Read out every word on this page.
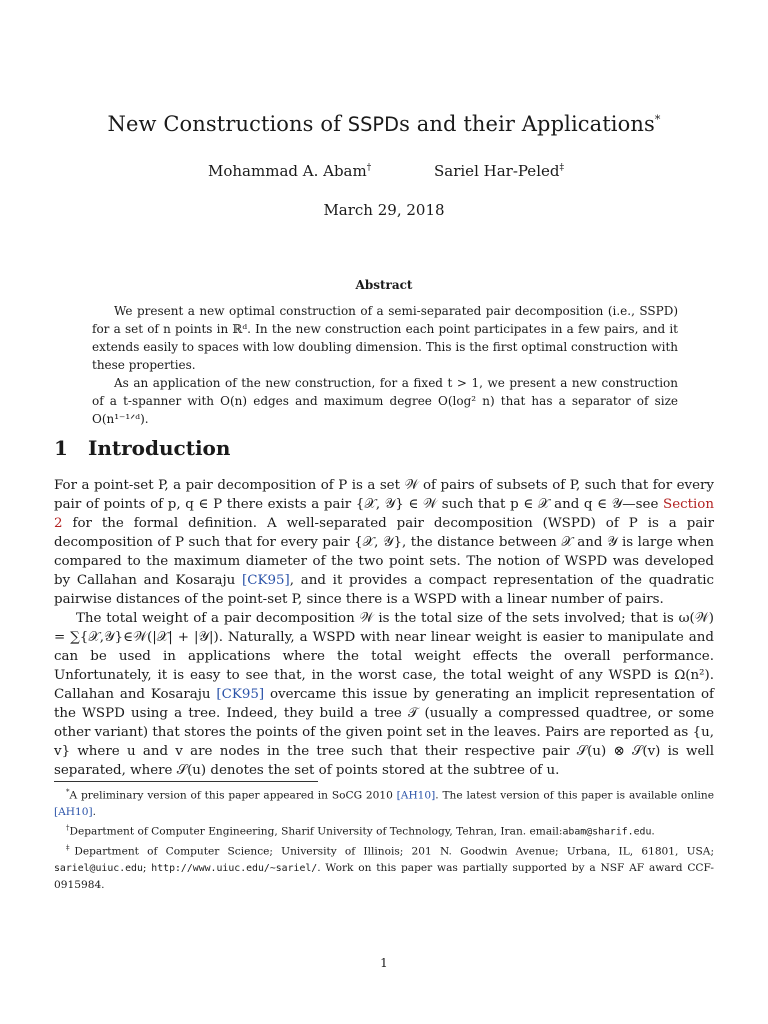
New Constructions of SSPDs and their Applications*
Mohammad A. Abam†	Sariel Har-Peled‡
March 29, 2018
Abstract

We present a new optimal construction of a semi-separated pair decomposition (i.e., SSPD) for a set of n points in ℝᵈ. In the new construction each point participates in a few pairs, and it extends easily to spaces with low doubling dimension. This is the first optimal construction with these properties.

As an application of the new construction, for a fixed t > 1, we present a new construction of a t-spanner with O(n) edges and maximum degree O(log² n) that has a separator of size O(n¹⁻¹ᐟᵈ).

1 Introduction

For a point-set P, a pair decomposition of P is a set 𝒲 of pairs of subsets of P, such that for every pair of points of p, q ∈ P there exists a pair {𝒳, 𝒴} ∈ 𝒲 such that p ∈ 𝒳 and q ∈ 𝒴—see Section 2 for the formal definition. A well-separated pair decomposition (WSPD) of P is a pair decomposition of P such that for every pair {𝒳, 𝒴}, the distance between 𝒳 and 𝒴 is large when compared to the maximum diameter of the two point sets. The notion of WSPD was developed by Callahan and Kosaraju [CK95], and it provides a compact representation of the quadratic pairwise distances of the point-set P, since there is a WSPD with a linear number of pairs.

The total weight of a pair decomposition 𝒲 is the total size of the sets involved; that is ω(𝒲) = ∑{𝒳,𝒴}∈𝒲(|𝒳| + |𝒴|). Naturally, a WSPD with near linear weight is easier to manipulate and can be used in applications where the total weight effects the overall performance. Unfortunately, it is easy to see that, in the worst case, the total weight of any WSPD is Ω(n²). Callahan and Kosaraju [CK95] overcame this issue by generating an implicit representation of the WSPD using a tree. Indeed, they build a tree 𝒯 (usually a compressed quadtree, or some other variant) that stores the points of the given point set in the leaves. Pairs are reported as {u, v} where u and v are nodes in the tree such that their respective pair 𝒮(u) ⊗ 𝒮(v) is well separated, where 𝒮(u) denotes the set of points stored at the subtree of u.

*A preliminary version of this paper appeared in SoCG 2010 [AH10]. The latest version of this paper is available online [AH10].

†Department of Computer Engineering, Sharif University of Technology, Tehran, Iran. email:abam@sharif.edu.

‡Department of Computer Science; University of Illinois; 201 N. Goodwin Avenue; Urbana, IL, 61801, USA; sariel@uiuc.edu; http://www.uiuc.edu/~sariel/. Work on this paper was partially supported by a NSF AF award CCF-0915984.

1
